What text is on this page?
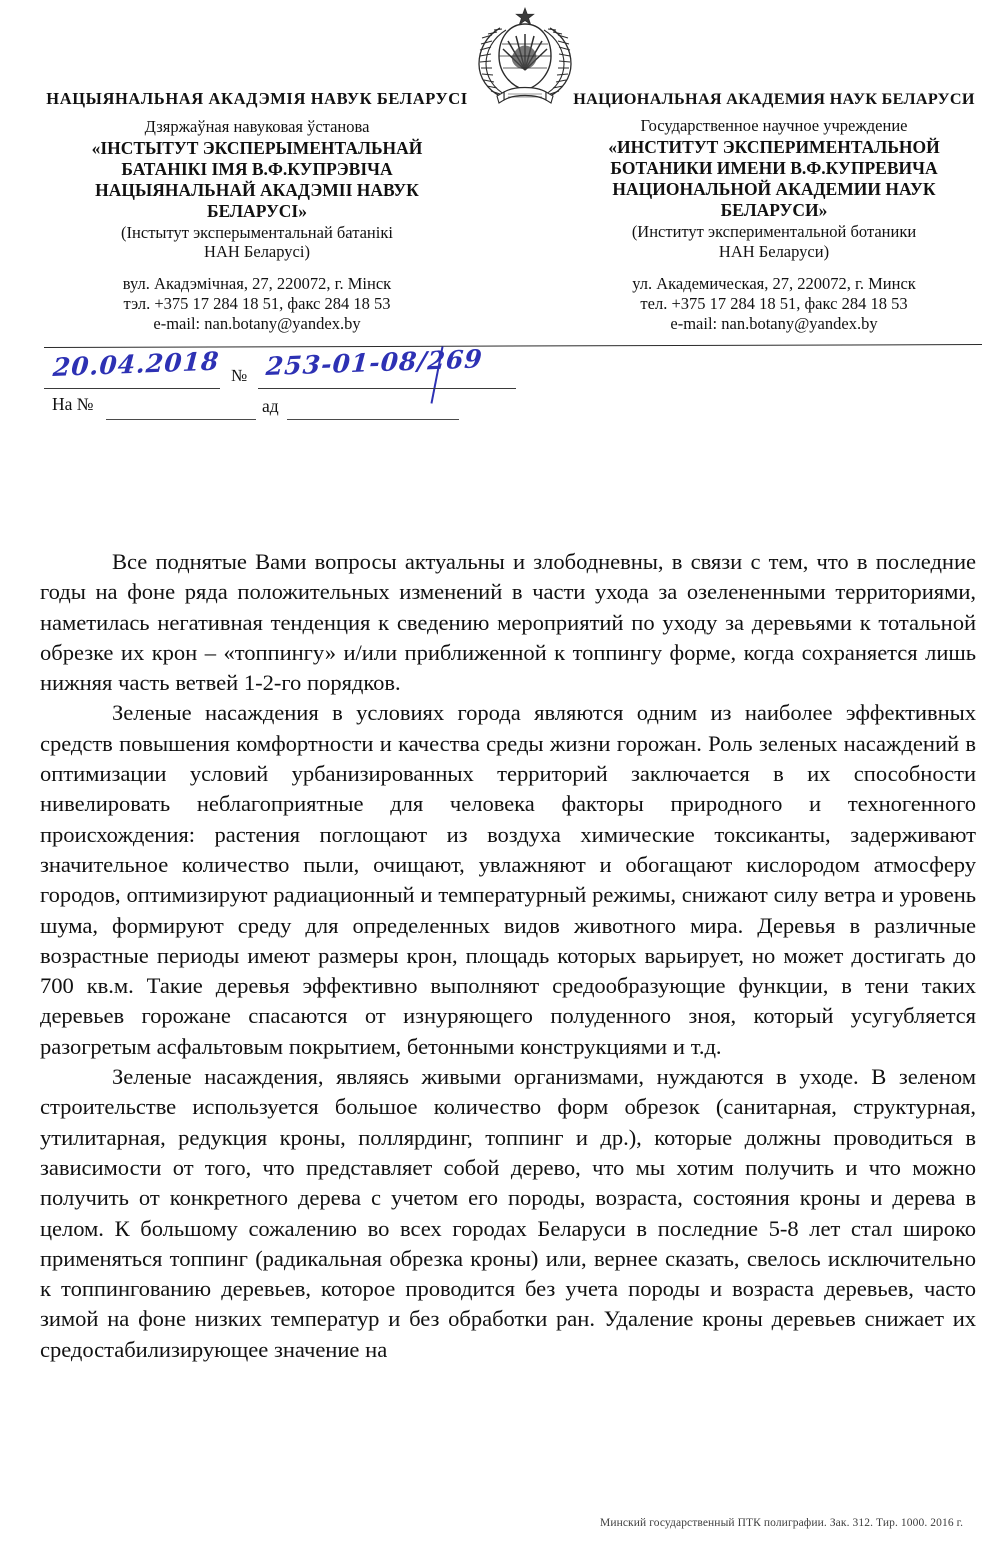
НАЦЫЯНАЛЬНАЯ АКАДЭМІЯ НАВУК БЕЛАРУСІ
Дзяржаўная навуковая ўстанова
«ІНСТЫТУТ ЭКСПЕРЫМЕНТАЛЬНАЙ
БАТАНІКІ ІМЯ В.Ф.КУПРЭВІЧА
НАЦЫЯНАЛЬНАЙ АКАДЭМІІ НАВУК
БЕЛАРУСІ»
(Інстытут эксперыментальнай батанікі
НАН Беларусі)
вул. Акадэмічная, 27, 220072, г. Мінск
тэл. +375 17 284 18 51, факс 284 18 53
e-mail: nan.botany@yandex.by
НАЦИОНАЛЬНАЯ АКАДЕМИЯ НАУК БЕЛАРУСИ
Государственное научное учреждение
«ИНСТИТУТ ЭКСПЕРИМЕНТАЛЬНОЙ
БОТАНИКИ ИМЕНИ В.Ф.КУПРЕВИЧА
НАЦИОНАЛЬНОЙ АКАДЕМИИ НАУК
БЕЛАРУСИ»
(Институт экспериментальной ботаники
НАН Беларуси)
ул. Академическая, 27, 220072, г. Минск
тел. +375 17 284 18 51, факс 284 18 53
e-mail: nan.botany@yandex.by
20.04.2018 № 253-01-08/269
На №	ад

Все поднятые Вами вопросы актуальны и злободневны, в связи с тем, что в последние годы на фоне ряда положительных изменений в части ухода за озелененными территориями, наметилась негативная тенденция к сведению мероприятий по уходу за деревьями к тотальной обрезке их крон – «топпингу» и/или приближенной к топпингу форме, когда сохраняется лишь нижняя часть ветвей 1-2-го порядков.

Зеленые насаждения в условиях города являются одним из наиболее эффективных средств повышения комфортности и качества среды жизни горожан. Роль зеленых насаждений в оптимизации условий урбанизированных территорий заключается в их способности нивелировать неблагоприятные для человека факторы природного и техногенного происхождения: растения поглощают из воздуха химические токсиканты, задерживают значительное количество пыли, очищают, увлажняют и обогащают кислородом атмосферу городов, оптимизируют радиационный и температурный режимы, снижают силу ветра и уровень шума, формируют среду для определенных видов животного мира. Деревья в различные возрастные периоды имеют размеры крон, площадь которых варьирует, но может достигать до 700 кв.м. Такие деревья эффективно выполняют средообразующие функции, в тени таких деревьев горожане спасаются от изнуряющего полуденного зноя, который усугубляется разогретым асфальтовым покрытием, бетонными конструкциями и т.д.

Зеленые насаждения, являясь живыми организмами, нуждаются в уходе. В зеленом строительстве используется большое количество форм обрезок (санитарная, структурная, утилитарная, редукция кроны, поллярдинг, топпинг и др.), которые должны проводиться в зависимости от того, что представляет собой дерево, что мы хотим получить и что можно получить от конкретного дерева с учетом его породы, возраста, состояния кроны и дерева в целом. К большому сожалению во всех городах Беларуси в последние 5-8 лет стал широко применяться топпинг (радикальная обрезка кроны) или, вернее сказать, свелось исключительно к топпингованию деревьев, которое проводится без учета породы и возраста деревьев, часто зимой на фоне низких температур и без обработки ран. Удаление кроны деревьев снижает их средостабилизирующее значение на

Минский государственный ПТК полиграфии. Зак. 312. Тир. 1000. 2016 г.
